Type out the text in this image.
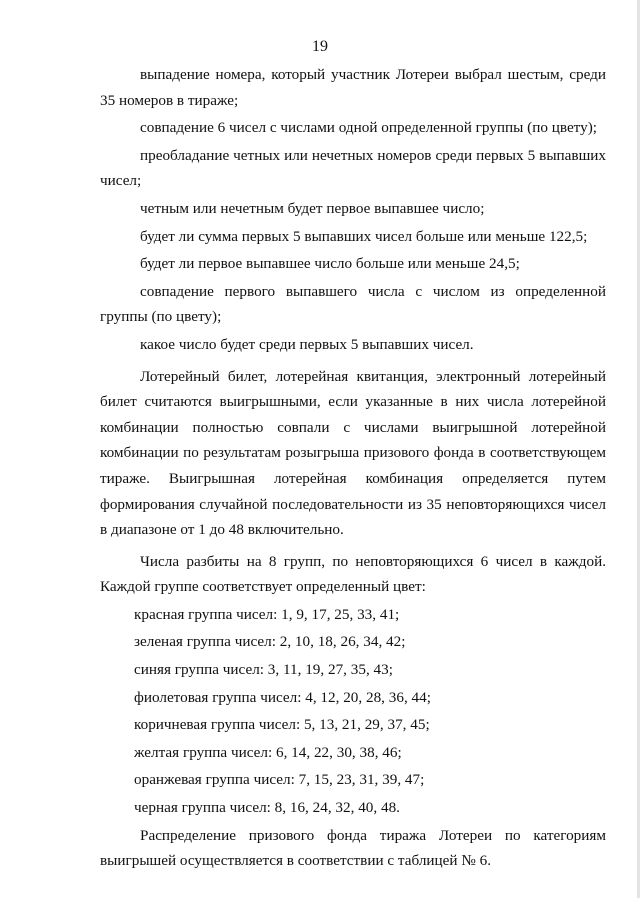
19

выпадение номера, который участник Лотереи выбрал шестым, среди 35 номеров в тираже;

совпадение 6 чисел с числами одной определенной группы (по цвету);

преобладание четных или нечетных номеров среди первых 5 выпавших чисел;

четным или нечетным будет первое выпавшее число;

будет ли сумма первых 5 выпавших чисел больше или меньше 122,5;

будет ли первое выпавшее число больше или меньше 24,5;

совпадение первого выпавшего числа с числом из определенной группы (по цвету);

какое число будет среди первых 5 выпавших чисел.

Лотерейный билет, лотерейная квитанция, электронный лотерейный билет считаются выигрышными, если указанные в них числа лотерейной комбинации полностью совпали с числами выигрышной лотерейной комбинации по результатам розыгрыша призового фонда в соответствующем тираже. Выигрышная лотерейная комбинация определяется путем формирования случайной последовательности из 35 неповторяющихся чисел в диапазоне от 1 до 48 включительно.

Числа разбиты на 8 групп, по неповторяющихся 6 чисел в каждой. Каждой группе соответствует определенный цвет:

красная группа чисел: 1, 9, 17, 25, 33, 41;

зеленая группа чисел: 2, 10, 18, 26, 34, 42;

синяя группа чисел: 3, 11, 19, 27, 35, 43;

фиолетовая группа чисел: 4, 12, 20, 28, 36, 44;

коричневая группа чисел: 5, 13, 21, 29, 37, 45;

желтая группа чисел: 6, 14, 22, 30, 38, 46;

оранжевая группа чисел: 7, 15, 23, 31, 39, 47;

черная группа чисел: 8, 16, 24, 32, 40, 48.

Распределение призового фонда тиража Лотереи по категориям выигрышей осуществляется в соответствии с таблицей № 6.
